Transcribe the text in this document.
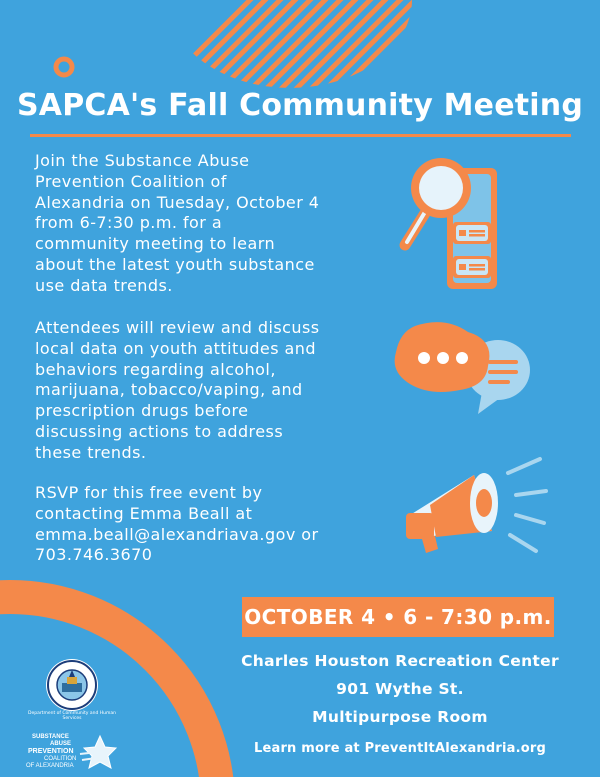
SAPCA's Fall Community Meeting
Join the Substance Abuse
Prevention Coalition of
Alexandria on Tuesday, October 4
from 6-7:30 p.m. for a
community meeting to learn
about the latest youth substance
use data trends.
Attendees will review and discuss
local data on youth attitudes and
behaviors regarding alcohol,
marijuana, tobacco/vaping, and
prescription drugs before
discussing actions to address
these trends.
RSVP for this free event by
contacting Emma Beall at
emma.beall@alexandriava.gov or
703.746.3670
OCTOBER 4 • 6 - 7:30 p.m.
Charles Houston Recreation Center
901 Wythe St.
Multipurpose Room
Learn more at PreventItAlexandria.org
Department of Community and Human Services
SUBSTANCE
ABUSE
PREVENTION
COALITION
OF ALEXANDRIA
